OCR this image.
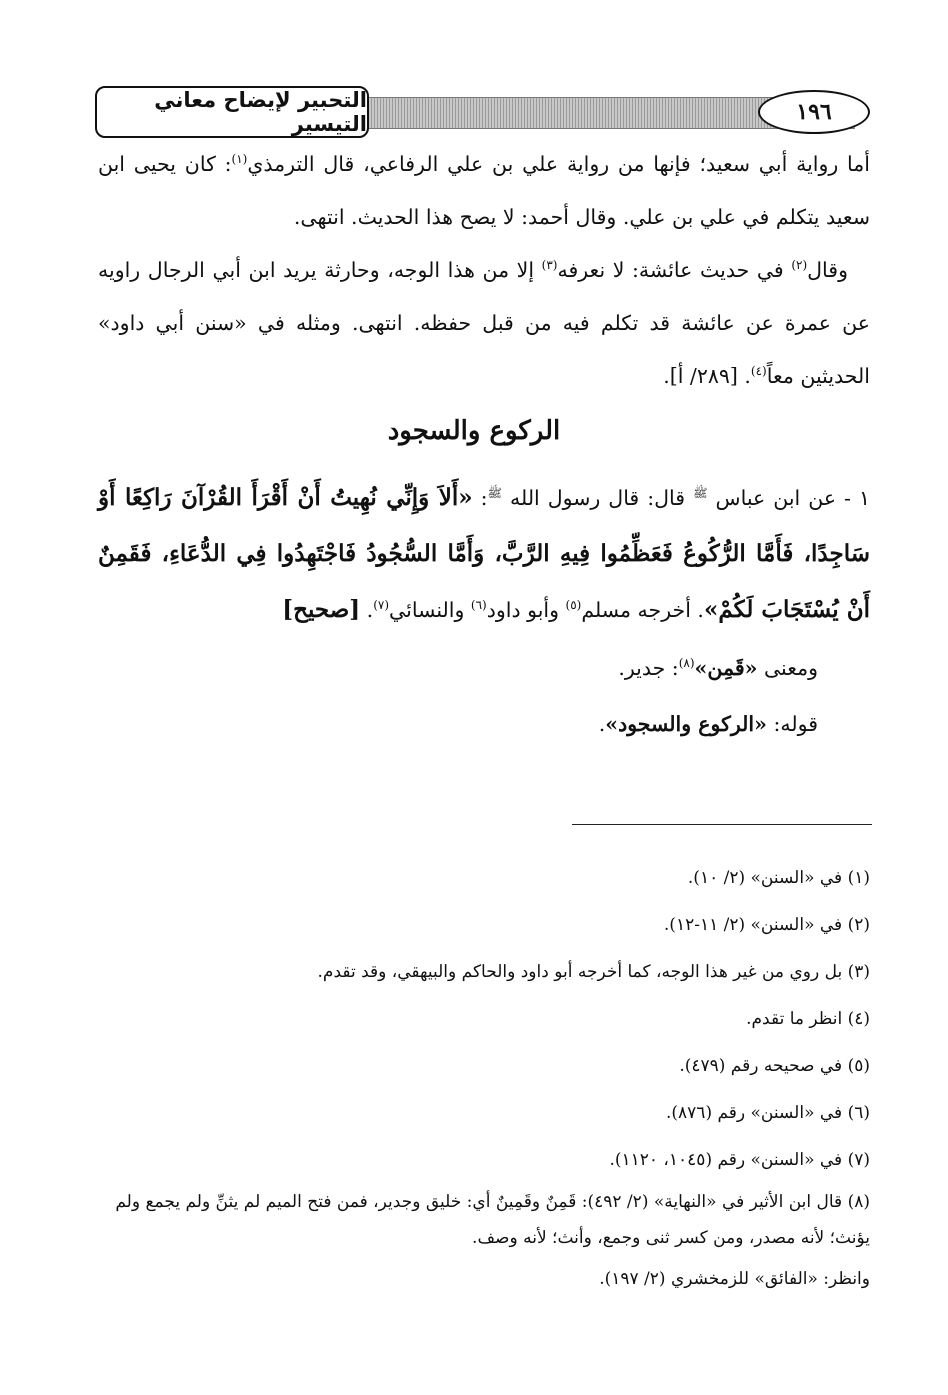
التحبير لإيضاح معاني التيسير	١٩٦

أما رواية أبي سعيد؛ فإنها من رواية علي بن علي الرفاعي، قال الترمذي$^{(١)}$: كان يحيى ابن سعيد يتكلم في علي بن علي. وقال أحمد: لا يصح هذا الحديث. انتهى.

وقال$^{(٢)}$ في حديث عائشة: لا نعرفه$^{(٣)}$ إلا من هذا الوجه، وحارثة يريد ابن أبي الرجال راويه عن عمرة عن عائشة قد تكلم فيه من قبل حفظه. انتهى. ومثله في «سنن أبي داود» الحديثين معاً$^{(٤)}$. [٢٨٩/ أ].

الركوع والسجود

١ - عن ابن عباس $^ﷺ$ قال: قال رسول الله $^ﷺ$: «أَلاَ وَإِنِّي نُهِيتُ أَنْ أَقْرَأَ القُرْآنَ رَاكِعًا أَوْ سَاجِدًا، فَأَمَّا الرُّكُوعُ فَعَظِّمُوا فِيهِ الرَّبَّ، وَأَمَّا السُّجُودُ فَاجْتَهِدُوا فِي الدُّعَاءِ، فَقَمِنٌ أَنْ يُسْتَجَابَ لَكُمْ». أخرجه مسلم$^{(٥)}$ وأبو داود$^{(٦)}$ والنسائي$^{(٧)}$. [صحيح]

ومعنى «قَمِن»$^{(٨)}$: جدير.

قوله: «الركوع والسجود».

(١) في «السنن» (٢/ ١٠).

(٢) في «السنن» (٢/ ١١-١٢).

(٣) بل روي من غير هذا الوجه، كما أخرجه أبو داود والحاكم والبيهقي، وقد تقدم.

(٤) انظر ما تقدم.

(٥) في صحيحه رقم (٤٧٩).

(٦) في «السنن» رقم (٨٧٦).

(٧) في «السنن» رقم (١٠٤٥، ١١٢٠).

(٨) قال ابن الأثير في «النهاية» (٢/ ٤٩٢): قَمِنٌ وقَمِينٌ أي: خليق وجدير، فمن فتح الميم لم يثنِّ ولم يجمع ولم يؤنث؛ لأنه مصدر، ومن كسر ثنى وجمع، وأنث؛ لأنه وصف.

وانظر: «الفائق» للزمخشري (٢/ ١٩٧).
